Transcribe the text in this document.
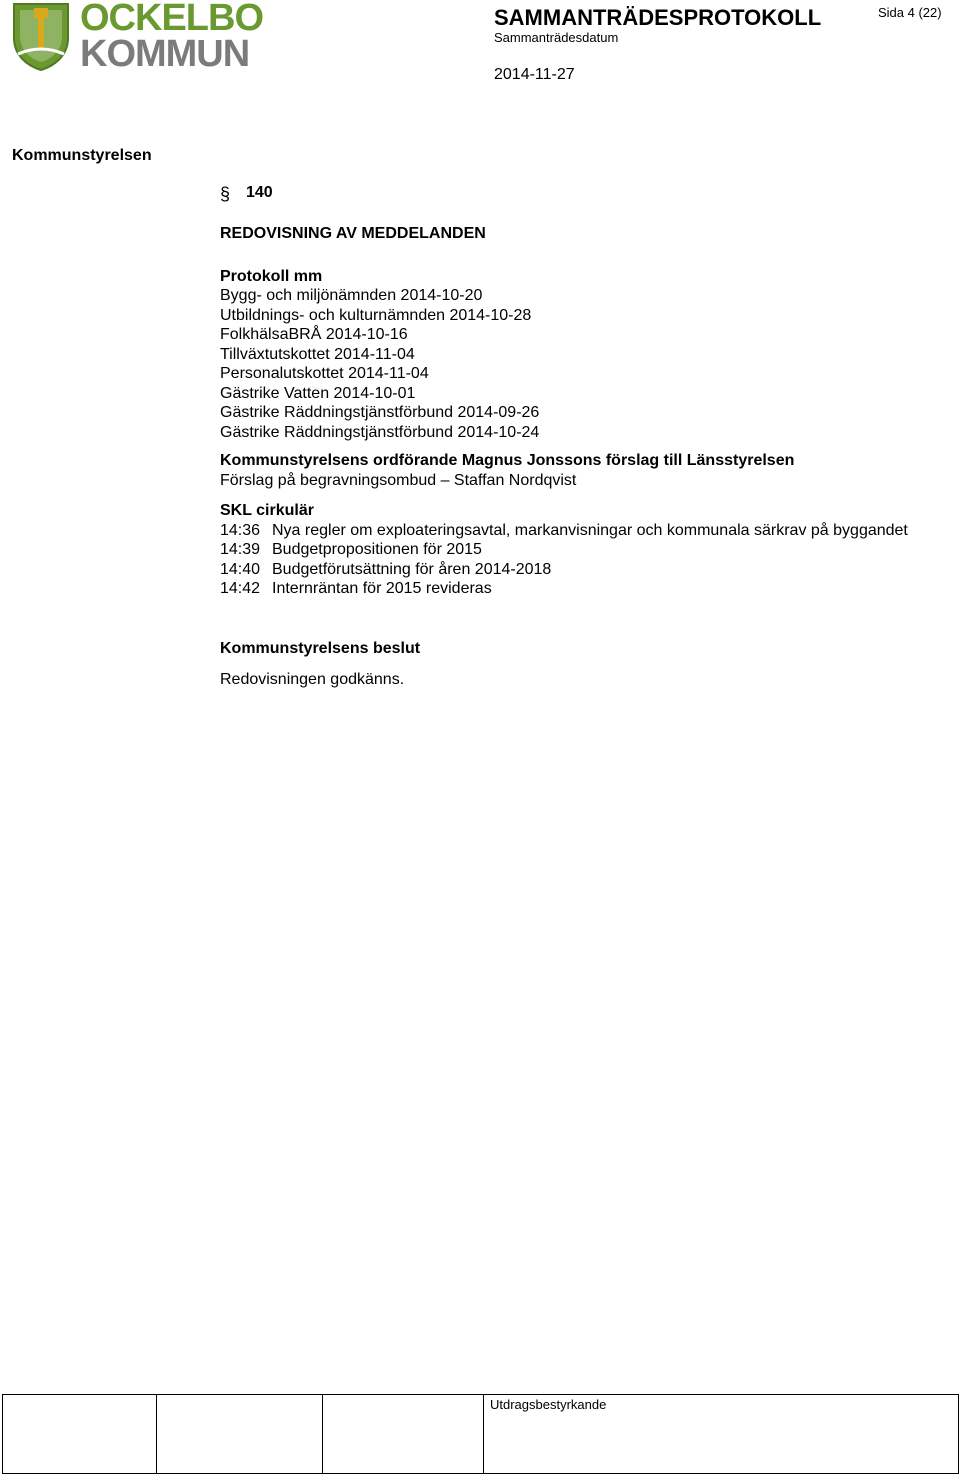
OCKELBO
KOMMUN
SAMMANTRÄDESPROTOKOLL
Sammanträdesdatum
2014-11-27
Sida 4 (22)
Kommunstyrelsen
§ 140
REDOVISNING AV MEDDELANDEN
Protokoll mm
Bygg- och miljönämnden 2014-10-20
Utbildnings- och kulturnämnden 2014-10-28
FolkhälsaBRÅ 2014-10-16
Tillväxtutskottet 2014-11-04
Personalutskottet 2014-11-04
Gästrike Vatten 2014-10-01
Gästrike Räddningstjänstförbund 2014-09-26
Gästrike Räddningstjänstförbund 2014-10-24
Kommunstyrelsens ordförande Magnus Jonssons förslag till Länsstyrelsen
Förslag på begravningsombud – Staffan Nordqvist
SKL cirkulär
14:36 Nya regler om exploateringsavtal, markanvisningar och kommunala särkrav på byggandet
14:39 Budgetpropositionen för 2015
14:40 Budgetförutsättning för åren 2014-2018
14:42 Internräntan för 2015 revideras
Kommunstyrelsens beslut
Redovisningen godkänns.
			Utdragsbestyrkande
